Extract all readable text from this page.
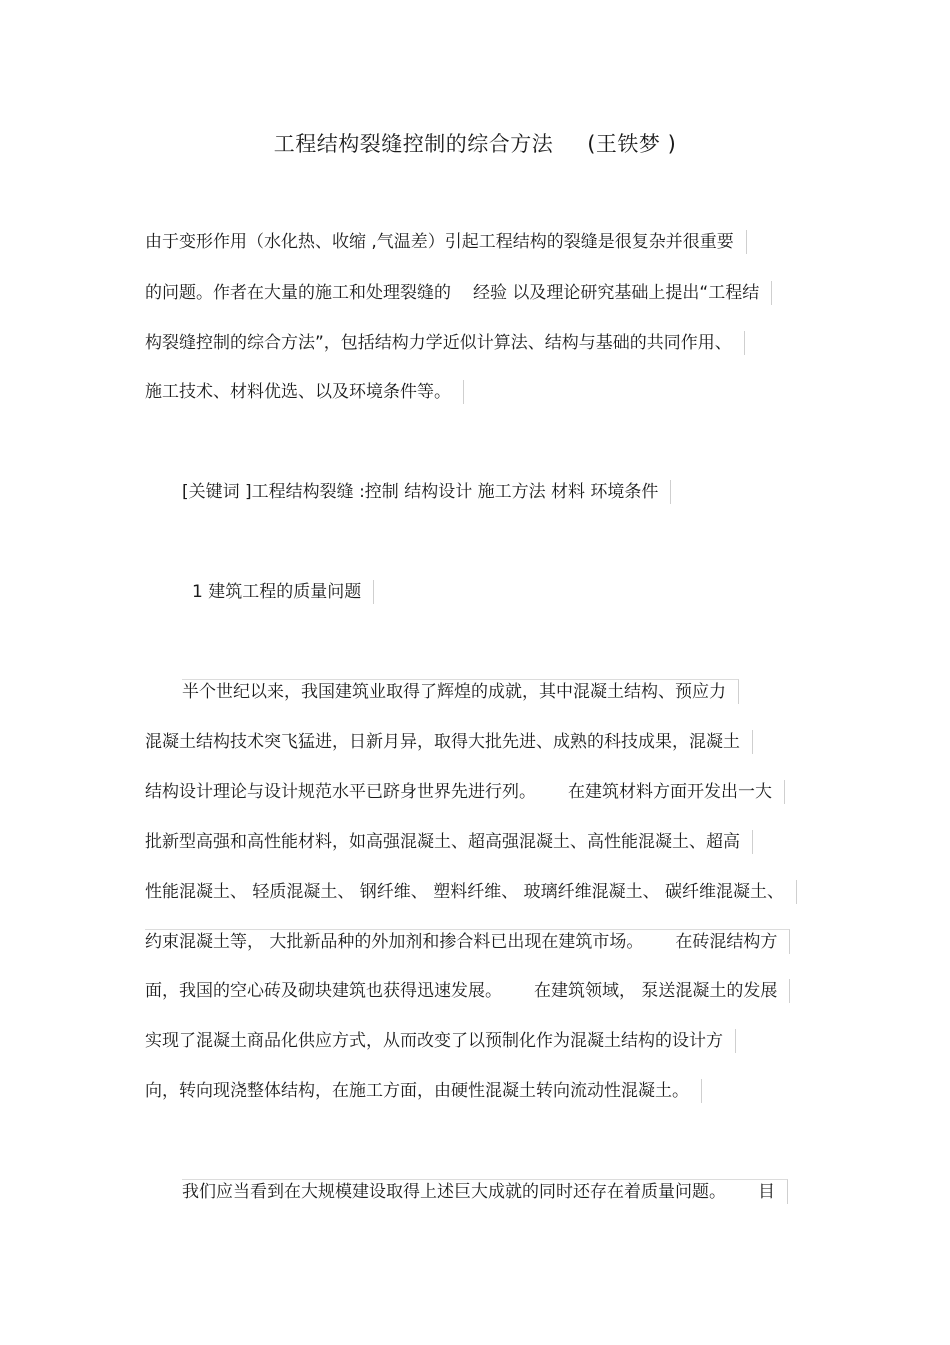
工程结构裂缝控制的综合方法 (王铁梦 )
由于变形作用（水化热、收缩 ,气温差）引起工程结构的裂缝是很复杂并很重要
的问题。作者在大量的施工和处理裂缝的 经验 以及理论研究基础上提出“工程结
构裂缝控制的综合方法”，包括结构力学近似计算法、结构与基础的共同作用、
施工技术、材料优选、以及环境条件等。
[关键词 ]工程结构裂缝 :控制 结构设计 施工方法 材料 环境条件
1 建筑工程的质量问题
半个世纪以来，我国建筑业取得了辉煌的成就，其中混凝土结构、预应力
混凝土结构技术突飞猛进，日新月异，取得大批先进、成熟的科技成果，混凝土
结构设计理论与设计规范水平已跻身世界先进行列。 在建筑材料方面开发出一大
批新型高强和高性能材料，如高强混凝土、超高强混凝土、高性能混凝土、超高
性能混凝土、 轻质混凝土、 钢纤维、 塑料纤维、 玻璃纤维混凝土、 碳纤维混凝土、
约束混凝土等， 大批新品种的外加剂和掺合料已出现在建筑市场。 在砖混结构方
面，我国的空心砖及砌块建筑也获得迅速发展。 在建筑领域， 泵送混凝土的发展
实现了混凝土商品化供应方式，从而改变了以预制化作为混凝土结构的设计方
向，转向现浇整体结构，在施工方面，由硬性混凝土转向流动性混凝土。
我们应当看到在大规模建设取得上述巨大成就的同时还存在着质量问题。 目
